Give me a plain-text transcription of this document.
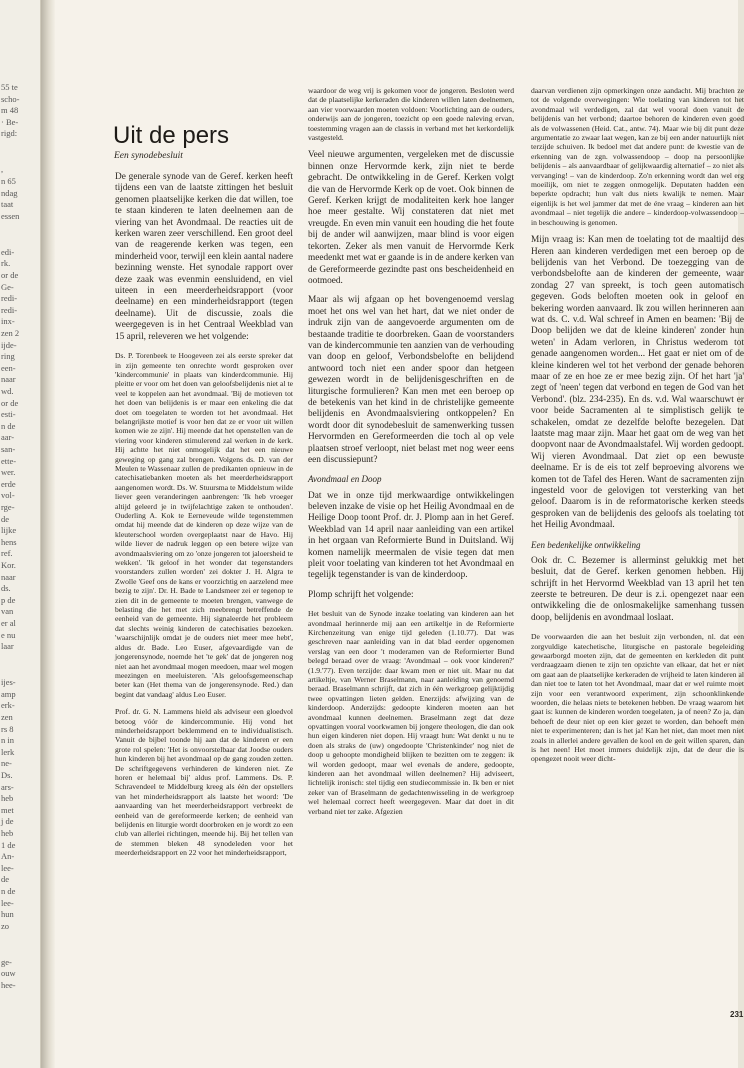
55 te
scho-
m 48
· Be-
rigd:
,
n 65
ndag
taat
essen
edi-
rk.
or de
Ge-
redi-
redi-
inx-
zen 2
ijde-
ring
een-
naar
wd.
or de
esti-
n de
aar-
san-
ette-
wer.
erde
vol-
rge-
de
lijke
hens
ref.
Kor.
naar
ds.
p de
van
er al
e nu
laar
ijes-
amp
erk-
zen
rs 8
n in
lerk
ne-
Ds.
ars-
heb
met
j de
heb
1 de
An-
lee-
de
n de
lee-
hun
zo
ge-
ouw
hee-
Uit de pers
Een synodebesluit

De generale synode van de Geref. kerken heeft tijdens een van de laatste zittingen het besluit genomen plaatselijke kerken die dat willen, toe te staan kinderen te laten deelnemen aan de viering van het Avondmaal. De reacties uit de kerken waren zeer verschillend. Een groot deel van de reagerende kerken was tegen, een minderheid voor, terwijl een klein aantal nadere bezinning wenste. Het synodale rapport over deze zaak was evenmin eensluidend, en viel uiteen in een meerderheidsrapport (voor deelname) en een minderheidsrapport (tegen deelname). Uit de discussie, zoals die weergegeven is in het Centraal Weekblad van 15 april, releveren we het volgende:

Ds. P. Torenbeek te Hoogeveen zei als eerste spreker dat in zijn gemeente ten onrechte wordt gesproken over 'kindercommunie' in plaats van kinderdcommunie. Hij pleitte er voor om het doen van geloofsbelijdenis niet al te veel te koppelen aan het avondmaal. 'Bij de motieven tot het doen van belijdenis is er maar een enkeling die dat doet om toegelaten te worden tot het avondmaal. Het belangrijkste motief is voor hen dat ze er voor uit willen komen wie ze zijn'. Hij meende dat het openstellen van de viering voor kinderen stimulerend zal werken in de kerk. Hij achtte het niet onmogelijk dat het een nieuwe geweging op gang zal brengen. Volgens ds. D. van der Meulen te Wassenaar zullen de predikanten opnieuw in de catechisatiebanken moeten als het meerderheidsrapport aangenomen wordt. Ds. W. Stuursma te Middelstum wilde liever geen veranderingen aanbrengen: 'Ik heb vroeger altijd geleerd je in twijfelachtige zaken te onthouden'. Ouderling A. Kok te Eerneveude wilde tegenstemmen omdat hij meende dat de kinderen op deze wijze van de kleuterschool worden overgeplaatst naar de Havo. Hij wilde liever de nadruk leggen op een betere wijze van avondmaalsviering om zo 'onze jongeren tot jaloersheid te wekken'. 'Ik geloof in het wonder dat tegenstanders voorstanders zullen worden' zei dokter J. H. Algra te Zwolle 'Geef ons de kans er voorzichtig en aarzelend mee bezig te zijn'. Dr. H. Bade te Landsmeer zei er tegenop te zien dit in de gemeente te moeten brengen, vanwege de belasting die het met zich meebrengt betreffende de eenheid van de gemeente. Hij signaleerde het probleem dat slechts weinig kinderen de catechisaties bezoeken. 'waarschijnlijk omdat je de ouders niet meer mee hebt', aldus dr. Bade. Leo Euser, afgevaardigde van de jongerensynode, noemde het 'te gek' dat de jongeren nog niet aan het avondmaal mogen meedoen, maar wel mogen meezingen en meeluisteren. 'Als geloofsgemeenschap beter kan (Het thema van de jongerensynode. Red.) dan begint dat vandaag' aldus Leo Euser.

Prof. dr. G. N. Lammens hield als adviseur een gloedvol betoog vóór de kindercommunie. Hij vond het minderheidsrapport beklemmend en te individualistisch. Vanuit de bijbel toonde hij aan dat de kinderen er een grote rol spelen: 'Het is onvoorstelbaar dat Joodse ouders hun kinderen bij het avondmaal op de gang zouden zetten. De schriftgegevens verhinderen de kinderen niet. Ze horen er helemaal bij' aldus prof. Lammens. Ds. P. Schravendeel te Middelburg kreeg als één der opstellers van het minderheidsrapport als laatste het woord: 'De aanvaarding van het meerderheidsrapport verbreekt de eenheid van de gereformeerde kerken; de eenheid van belijdenis en liturgie wordt doorbroken en je wordt zo een club van allerlei richtingen, meende hij. Bij het tellen van de stemmen bleken 48 synodeleden voor het meerderheidsrapport en 22 voor het minderheidsrapport,

waardoor de weg vrij is gekomen voor de jongeren. Besloten werd dat de plaatselijke kerkeraden die kinderen willen laten deelnemen, aan vier voorwaarden moeten voldoen: Voorlichting aan de ouders, onderwijs aan de jongeren, toezicht op een goede naleving ervan, toestemming vragen aan de classis in verband met het kerkordelijk vastgesteld.

Veel nieuwe argumenten, vergeleken met de discussie binnen onze Hervormde kerk, zijn niet te berde gebracht. De ontwikkeling in de Geref. Kerken volgt die van de Hervormde Kerk op de voet. Ook binnen de Geref. Kerken krijgt de modaliteiten kerk hoe langer hoe meer gestalte. Wij constateren dat niet met vreugde. En even min vanuit een houding die het foute bij de ander wil aanwijzen, maar blind is voor eigen tekorten. Zeker als men vanuit de Hervormde Kerk meedenkt met wat er gaande is in de andere kerken van de Gereformeerde gezindte past ons bescheidenheid en ootmoed.

Maar als wij afgaan op het bovengenoemd verslag moet het ons wel van het hart, dat we niet onder de indruk zijn van de aangevoerde argumenten om de bestaande traditie te doorbreken. Gaan de voorstanders van de kindercommunie ten aanzien van de verhouding van doop en geloof, Verbondsbelofte en belijdend antwoord toch niet een ander spoor dan hetgeen gewezen wordt in de belijdenisgeschriften en de liturgische formulieren? Kan men met een beroep op de betekenis van het kind in de christelijke gemeente belijdenis en Avondmaalsviering ontkoppelen? En wordt door dit synodebesluit de samenwerking tussen Hervormden en Gereformeerden die toch al op vele plaatsen stroef verloopt, niet belast met nog weer eens een discussiepunt?

Avondmaal en Doop

Dat we in onze tijd merkwaardige ontwikkelingen beleven inzake de visie op het Heilig Avondmaal en de Heilige Doop toont Prof. dr. J. Plomp aan in het Geref. Weekblad van 14 april naar aanleiding van een artikel in het orgaan van Reformierte Bund in Duitsland. Wij komen namelijk meermalen de visie tegen dat men pleit voor toelating van kinderen tot het Avondmaal en tegelijk tegenstander is van de kinderdoop.

Plomp schrijft het volgende:

Het besluit van de Synode inzake toelating van kinderen aan het avondmaal herinnerde mij aan een artikeltje in de Reformierte Kirchenzeitung van enige tijd geleden (1.10.77). Dat was geschreven naar aanleiding van in dat blad eerder opgenomen verslag van een door 't moderamen van de Reformierter Bund belegd beraad over de vraag: 'Avondmaal – ook voor kinderen?' (1.9.'77). Even terzijde: daar kwam men er niet uit. Maar nu dat artikeltje, van Werner Braselmann, naar aanleiding van genoemd beraad. Braselmann schrijft, dat zich in één werkgroep gelijktijdig twee opvattingen lieten gelden. Enerzijds: afwijzing van de kinderdoop. Anderzijds: gedoopte kinderen moeten aan het avondmaal kunnen deelnemen. Braselmann zegt dat deze opvattingen vooral voorkwamen bij jongere theologen, die dan ook hun eigen kinderen niet dopen. Hij vraagt hun: Wat denkt u nu te doen als straks de (uw) ongedoopte 'Christenkinder' nog niet de doop u gehoopte mondigheid blijken te bezitten om te zeggen: ik wil worden gedoopt, maar wel evenals de andere, gedoopte, kinderen aan het avondmaal willen deelnemen? Hij adviseert, lichtelijk ironisch: stel tijdig een studiecommissie in. Ik ben er niet zeker van of Braselmann de gedachtenwisseling in de werkgroep wel helemaal correct heeft weergegeven. Maar dat doet in dit verband niet ter zake. Afgezien

daarvan verdienen zijn opmerkingen onze aandacht. Mij brachten ze tot de volgende overwegingen: Wie toelating van kinderen tot het avondmaal wil verdedigen, zal dat wel vooral doen vanuit de belijdenis van het verbond; daartoe behoren de kinderen even goed als de volwassenen (Heid. Cat., antw. 74). Maar wie bij dit punt deze argumentatie zo zwaar laat wegen, kan ze bij een ander natuurlijk niet terzijde schuiven. Ik bedoel met dat andere punt: de kwestie van de erkenning van de zgn. volwassendoop – doop na persoonlijke belijdenis – als aanvaardbaar of gelijkwaardig alternatief – zo niet als vervanging! – van de kinderdoop. Zo'n erkenning wordt dan wel erg moeilijk, om niet te zeggen onmogelijk. Deputaten hadden een beperkte opdracht; hun valt dus niets kwalijk te nemen. Maar eigenlijk is het wel jammer dat met de éne vraag – kinderen aan het avondmaal – niet tegelijk die andere – kinderdoop-volwassendoop – in beschouwing is genomen.

Mijn vraag is: Kan men de toelating tot de maaltijd des Heren aan kinderen verdedigen met een beroep op de belijdenis van het Verbond. De toezegging van de verbondsbelofte aan de kinderen der gemeente, waar zondag 27 van spreekt, is toch geen automatisch gegeven. Gods beloften moeten ook in geloof en bekering worden aanvaard. Ik zou willen herinneren aan wat ds. C. v.d. Wal schreef in Amen en beamen: 'Bij de Doop belijden we dat de kleine kinderen' zonder hun weten' in Adam verloren, in Christus wederom tot genade aangenomen worden... Het gaat er niet om of de kleine kinderen wel tot het verbond der genade behoren maar of ze en hoe ze er mee bezig zijn. Of het hart 'ja' zegt of 'neen' tegen dat verbond en tegen de God van het Verbond'. (blz. 234-235). En ds. v.d. Wal waarschuwt er voor beide Sacramenten al te simplistisch gelijk te schakelen, omdat ze dezelfde belofte bezegelen. Dat laatste mag maar zijn. Maar het gaat om de weg van het doopvont naar de Avondmaalstafel. Wij worden gedoopt. Wij vieren Avondmaal. Dat ziet op een bewuste deelname. Er is de eis tot zelf beproeving alvorens we komen tot de Tafel des Heren. Want de sacramenten zijn ingesteld voor de gelovigen tot versterking van het geloof. Daarom is in de reformatorische kerken steeds gesproken van de belijdenis des geloofs als toelating tot het Heilig Avondmaal.

Een bedenkelijke ontwikkeling

Ook dr. C. Bezemer is allerminst gelukkig met het besluit, dat de Geref. kerken genomen hebben. Hij schrijft in het Hervormd Weekblad van 13 april het ten zeerste te betreuren. De deur is z.i. opengezet naar een ontwikkeling die de onlosmakelijke samenhang tussen doop, belijdenis en avondmaal loslaat.

De voorwaarden die aan het besluit zijn verbonden, nl. dat een zorgvuldige katechetische, liturgische en pastorale begeleiding gewaarborgd moeten zijn, dat de gemeenten en kerkleden dit punt verdraagzaam dienen te zijn ten opzichte van elkaar, dat het er niet om gaat aan de plaatselijke kerkeraden de vrijheid te laten kinderen al dan niet toe te laten tot het Avondmaal, maar dat er wel ruimte moet zijn voor een verantwoord experiment, zijn schoonklinkende woorden, die helaas niets te betekenen hebben. De vraag waarom het gaat is: kunnen de kinderen worden toegelaten, ja of neen? Zo ja, dan behoeft de deur niet op een kier gezet te worden, dan behoeft men niet te experimenteren; dan is het ja! Kan het niet, dan moet men niet zoals in allerlei andere gevallen de kool en de geit willen sparen, dan is het neen! Het moet immers duidelijk zijn, dat de deur die is opengezet nooit weer dicht-

231
